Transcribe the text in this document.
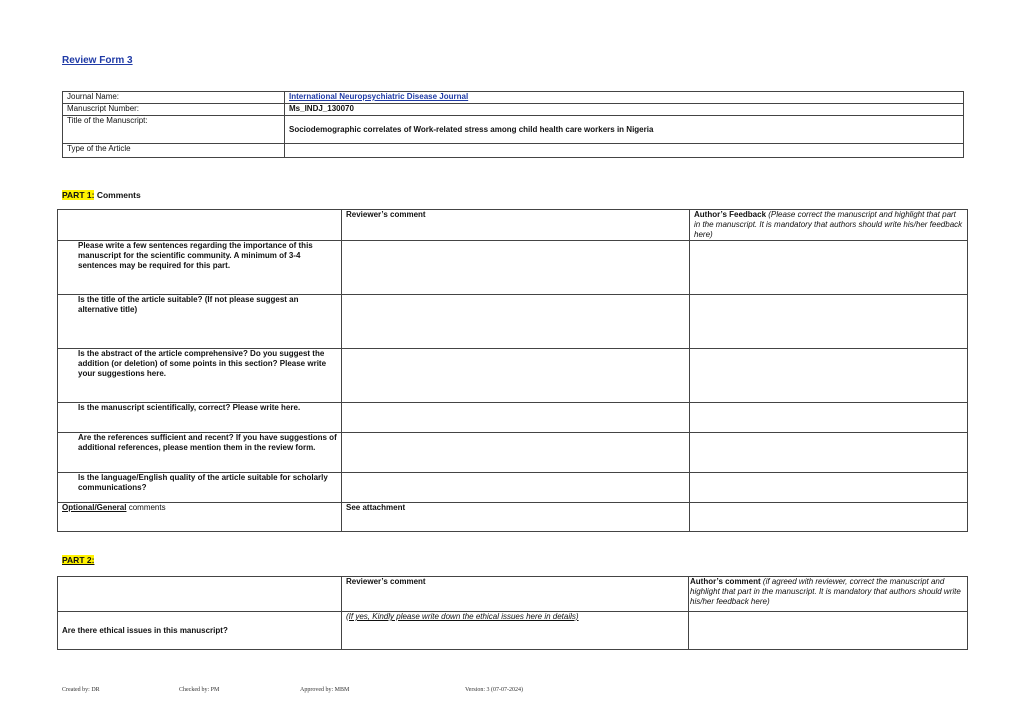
Review Form 3
Journal Name:	International Neuropsychiatric Disease Journal
Manuscript Number:	Ms_INDJ_130070
Title of the Manuscript:	Sociodemographic correlates of Work-related stress among child health care workers in Nigeria
Type of the Article	
PART 1: Comments
	Reviewer’s comment	Author’s Feedback (Please correct the manuscript and highlight that part in the manuscript. It is mandatory that authors should write his/her feedback here)
Please write a few sentences regarding the importance of this manuscript for the scientific community. A minimum of 3-4 sentences may be required for this part.		
Is the title of the article suitable? (If not please suggest an alternative title)		
Is the abstract of the article comprehensive? Do you suggest the addition (or deletion) of some points in this section? Please write your suggestions here.		
Is the manuscript scientifically, correct? Please write here.		
Are the references sufficient and recent? If you have suggestions of additional references, please mention them in the review form.		
Is the language/English quality of the article suitable for scholarly communications?		
Optional/General comments	See attachment	
PART 2:
	Reviewer’s comment	Author’s comment (if agreed with reviewer, correct the manuscript and highlight that part in the manuscript. It is mandatory that authors should write his/her feedback here)
Are there ethical issues in this manuscript?	(If yes, Kindly please write down the ethical issues here in details)	
Created by: DR	Checked by: PM	Approved by: MBM	Version: 3 (07-07-2024)
